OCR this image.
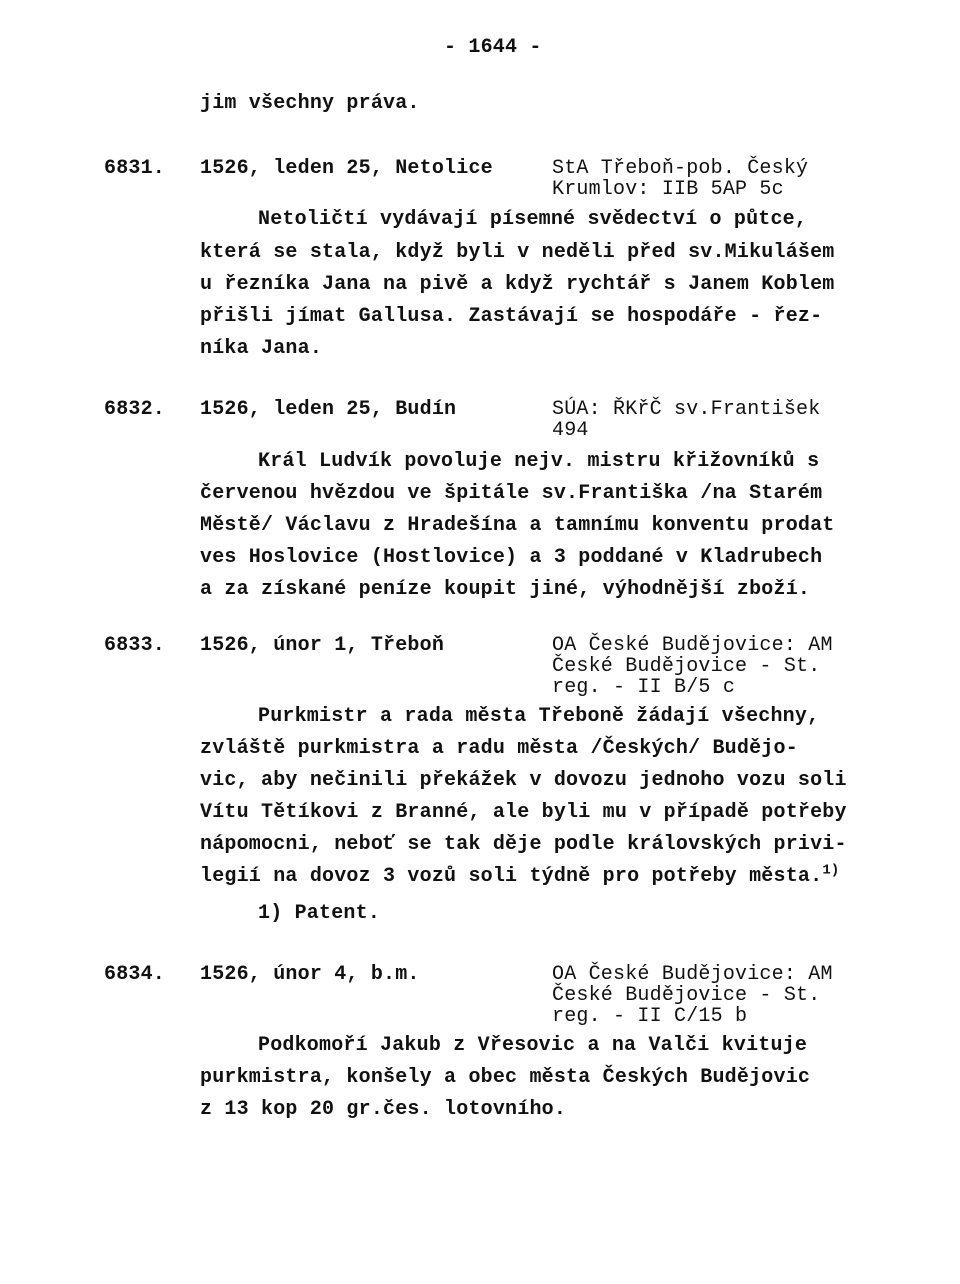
- 1644 -
jim všechny práva.
6831. 1526, leden 25, Netolice	StA Třeboň-pob. Český
Krumlov: IIB 5AP 5c
Netoličtí vydávají písemné svědectví o půtce,
která se stala, když byli v neděli před sv.Mikulášem
u řezníka Jana na pivě a když rychtář s Janem Koblem
přišli jímat Gallusa. Zastávají se hospodáře - řez-
níka Jana.
6832. 1526, leden 25, Budín	SÚA: ŘKřČ sv.František
494
Král Ludvík povoluje nejv. mistru křižovníků s
červenou hvězdou ve špitále sv.Františka /na Starém
Městě/ Václavu z Hradešína a tamnímu konventu prodat
ves Hoslovice (Hostlovice) a 3 poddané v Kladrubech
a za získané peníze koupit jiné, výhodnější zboží.
6833. 1526, únor 1, Třeboň	OA České Budějovice: AM
České Budějovice - St.
reg. - II B/5 c
Purkmistr a rada města Třeboně žádají všechny,
zvláště purkmistra a radu města /Českých/ Budějo-
vic, aby nečinili překážek v dovozu jednoho vozu soli
Vítu Tětíkovi z Branné, ale byli mu v případě potřeby
nápomocni, neboť se tak děje podle královských privi-
legií na dovoz 3 vozů soli týdně pro potřeby města.$^{1)}$
1) Patent.
6834. 1526, únor 4, b.m.	OA České Budějovice: AM
České Budějovice - St.
reg. - II C/15 b
Podkomoří Jakub z Vřesovic a na Valči kvituje
purkmistra, konšely a obec města Českých Budějovic
z 13 kop 20 gr.čes. lotovního.
